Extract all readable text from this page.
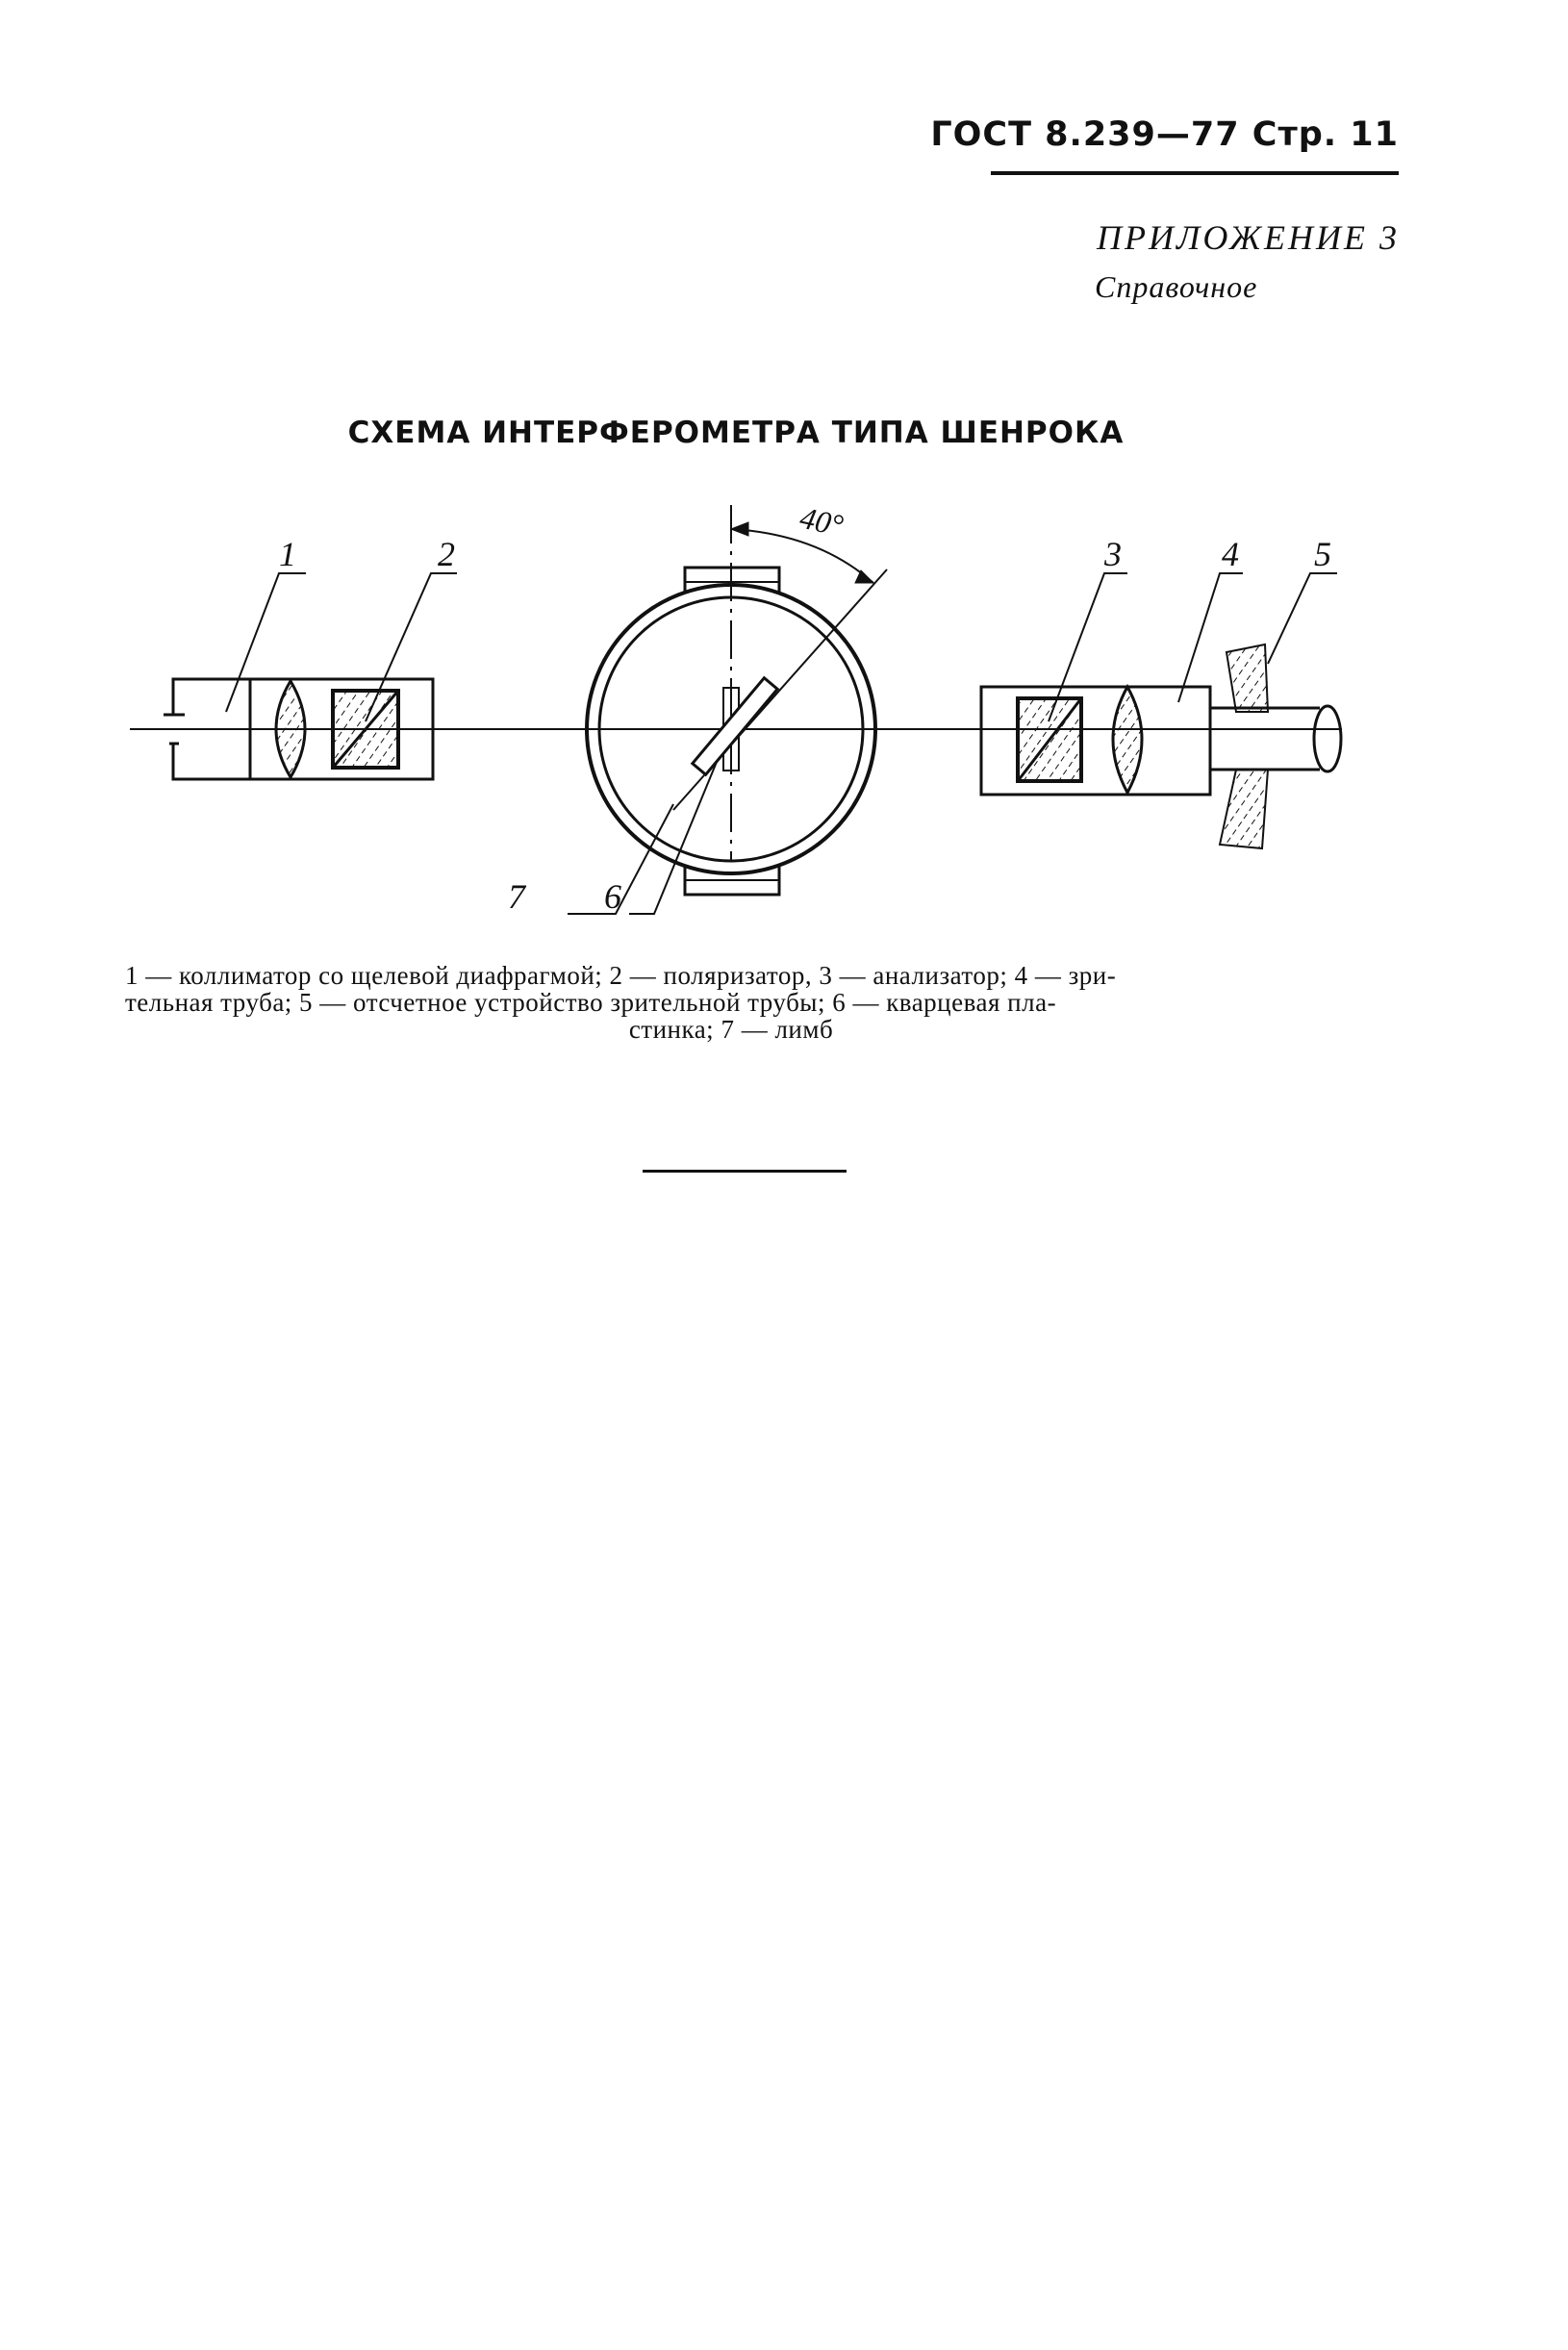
ГОСТ 8.239—77 Стр. 11
ПРИЛОЖЕНИЕ 3
Справочное
СХЕМА ИНТЕРФЕРОМЕТРА ТИПА ШЕНРОКА
1	2	3	4 5
6
7
40°
1 — коллиматор со щелевой диафрагмой; 2 — поляризатор, 3 — анализатор; 4 — зри-
тельная труба; 5 — отсчетное устройство зрительной трубы; 6 — кварцевая пла-
стинка; 7 — лимб
